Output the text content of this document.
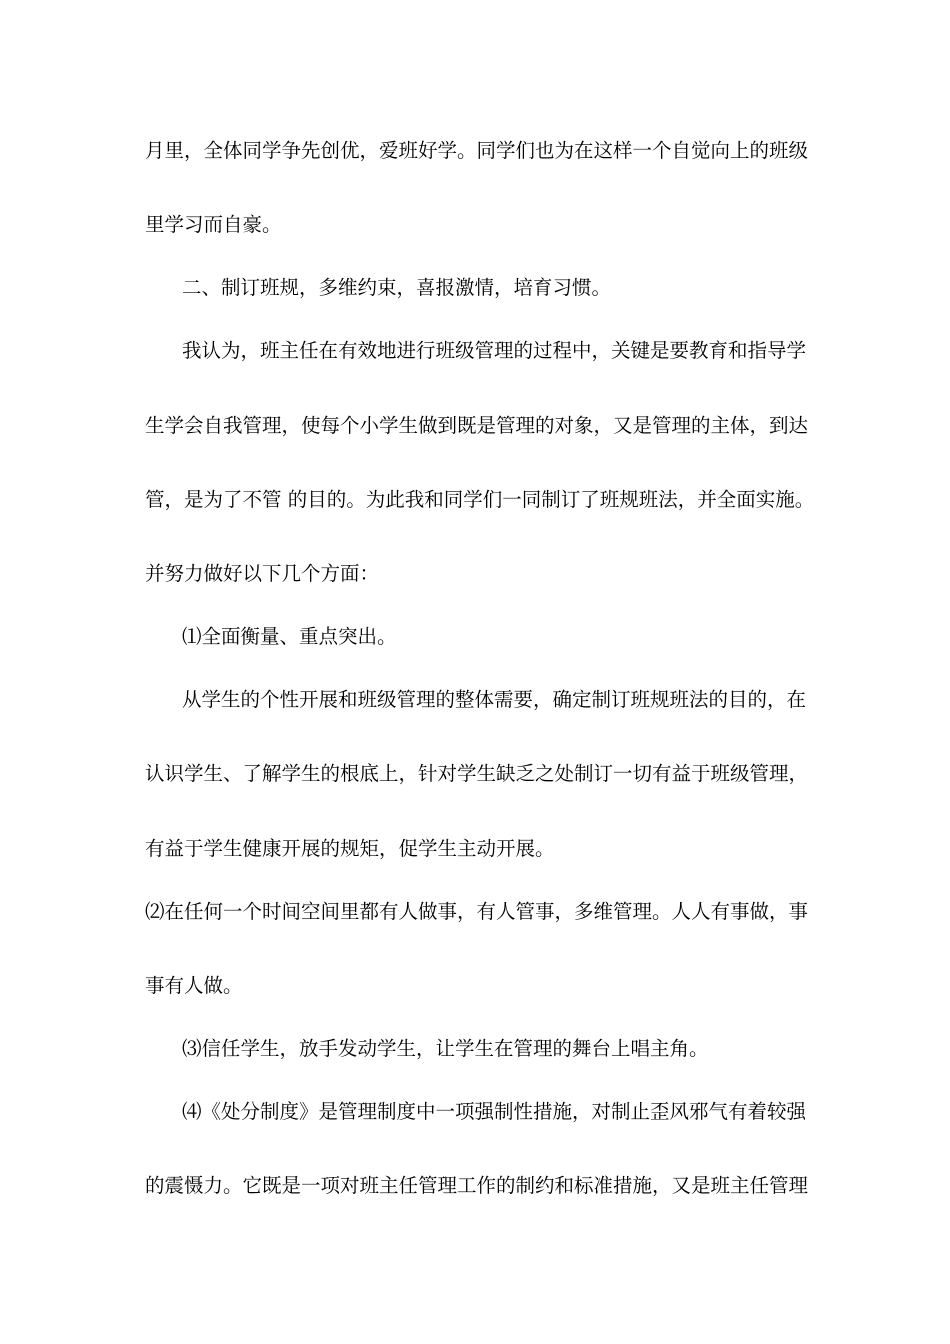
月里，全体同学争先创优，爱班好学。同学们也为在这样一个自觉向上的班级
里学习而自豪。
二、制订班规，多维约束，喜报激情，培育习惯。
我认为，班主任在有效地进行班级管理的过程中，关键是要教育和指导学
生学会自我管理，使每个小学生做到既是管理的对象，又是管理的主体，到达
管，是为了不管 的目的。为此我和同学们一同制订了班规班法，并全面实施。
并努力做好以下几个方面：
⑴全面衡量、重点突出。
从学生的个性开展和班级管理的整体需要，确定制订班规班法的目的，在
认识学生、了解学生的根底上，针对学生缺乏之处制订一切有益于班级管理，
有益于学生健康开展的规矩，促学生主动开展。
⑵在任何一个时间空间里都有人做事，有人管事，多维管理。人人有事做，事
事有人做。
⑶信任学生，放手发动学生，让学生在管理的舞台上唱主角。
⑷《处分制度》是管理制度中一项强制性措施，对制止歪风邪气有着较强
的震慑力。它既是一项对班主任管理工作的制约和标准措施，又是班主任管理
